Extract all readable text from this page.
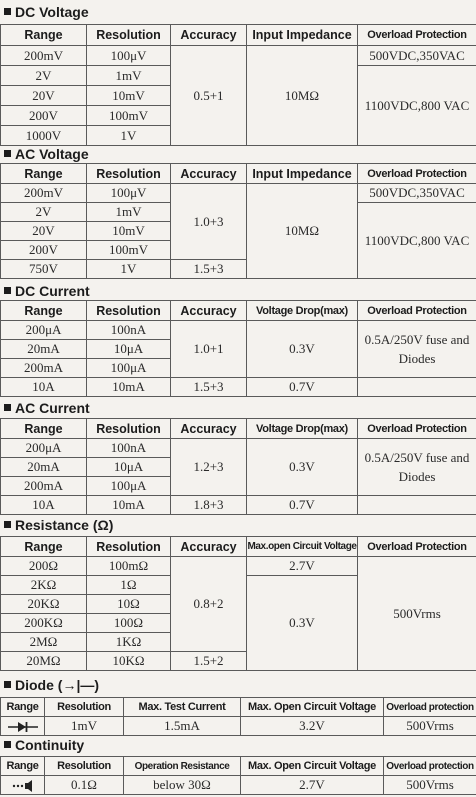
DC Voltage
Range	Resolution	Accuracy	Input Impedance	Overload Protection
200mV	100μV	0.5+1	10MΩ	500VDC,350VAC
2V	1mV			1100VDC,800 VAC
20V	10mV			
200V	100mV			
1000V	1V			
AC Voltage
Range	Resolution	Accuracy	Input Impedance	Overload Protection
200mV	100μV	1.0+3	10MΩ	500VDC,350VAC
2V	1mV			1100VDC,800 VAC
20V	10mV			
200V	100mV			
750V	1V	1.5+3		
DC Current
Range	Resolution	Accuracy	Voltage Drop(max)	Overload Protection
200μA	100nA	1.0+1	0.3V	0.5A/250V fuse and Diodes
20mA	10μA			
200mA	100μA			
10A	10mA	1.5+3	0.7V	
AC Current
Range	Resolution	Accuracy	Voltage Drop(max)	Overload Protection
200μA	100nA	1.2+3	0.3V	0.5A/250V fuse and Diodes
20mA	10μA			
200mA	100μA			
10A	10mA	1.8+3	0.7V	
Resistance (Ω)
Range	Resolution	Accuracy	Max.open Circuit Voltage	Overload Protection
200Ω	100mΩ	0.8+2	2.7V	500Vrms
2KΩ	1Ω		0.3V	
20KΩ	10Ω			
200KΩ	100Ω			
2MΩ	1KΩ			
20MΩ	10KΩ	1.5+2		
Diode (→|—)
Range	Resolution	Max. Test Current	Max. Open Circuit Voltage	Overload protection
	1mV	1.5mA	3.2V	500Vrms
Continuity
Range	Resolution	Operation Resistance	Max. Open Circuit Voltage	Overload protection
	0.1Ω	below 30Ω	2.7V	500Vrms
